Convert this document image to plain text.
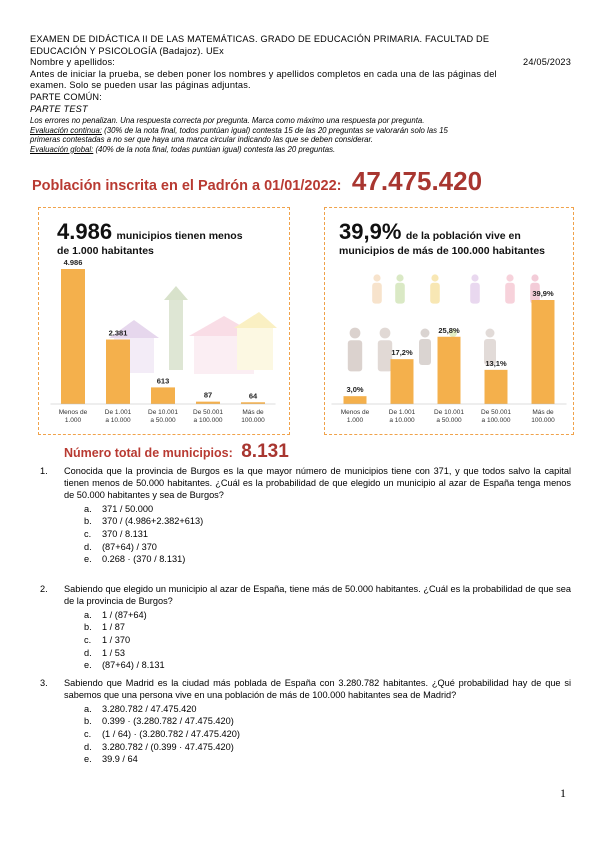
EXAMEN DE DIDÁCTICA II DE LAS MATEMÁTICAS. GRADO DE EDUCACIÓN PRIMARIA. FACULTAD DE
EDUCACIÓN Y PSICOLOGÍA (Badajoz). UEx
Nombre y apellidos:	24/05/2023
Antes de iniciar la prueba, se deben poner los nombres y apellidos completos en cada una de las páginas del
examen. Solo se pueden usar las páginas adjuntas.
PARTE COMÚN:
PARTE TEST
Los errores no penalizan. Una respuesta correcta por pregunta. Marca como máximo una respuesta por pregunta.
Evaluación continua: (30% de la nota final, todos puntúan igual) contesta 15 de las 20 preguntas se valorarán solo las 15
primeras contestadas a no ser que haya una marca circular indicando las que se deben considerar.
Evaluación global: (40% de la nota final, todas puntúan igual) contesta las 20 preguntas.
Población inscrita en el Padrón a 01/01/2022: 47.475.420
4.986
Menos de
1.000
2.381
De 1.001
a 10.000
613
De 10.001
a 50.000
87
De 50.001
a 100.000
64
Más de
100.000
4.986 municipios tienen menos
de 1.000 habitantes
3,0%
Menos de
1.000
17,2%
De 1.001
a 10.000
25,8%
De 10.001
a 50.000
13,1%
De 50.001
a 100.000
39,9%
Más de
100.000
39,9% de la población vive en
municipios de más de 100.000 habitantes
Número total de municipios: 8.131
1. Conocida que la provincia de Burgos es la que mayor número de municipios tiene con 371, y que todos salvo la capital tienen menos de 50.000 habitantes. ¿Cuál es la probabilidad de que elegido un municipio al azar de España tenga menos de 50.000 habitantes y sea de Burgos?
a. 371 / 50.000
b. 370 / (4.986+2.382+613)
c. 370 / 8.131
d. (87+64) / 370
e. 0.268 · (370 / 8.131)
2. Sabiendo que elegido un municipio al azar de España, tiene más de 50.000 habitantes. ¿Cuál es la probabilidad de que sea de la provincia de Burgos?
a. 1 / (87+64)
b. 1 / 87
c. 1 / 370
d. 1 / 53
e. (87+64) / 8.131
3. Sabiendo que Madrid es la ciudad más poblada de España con 3.280.782 habitantes. ¿Qué probabilidad hay de que si sabemos que una persona vive en una población de más de 100.000 habitantes sea de Madrid?
a. 3.280.782 / 47.475.420
b. 0.399 · (3.280.782 / 47.475.420)
c. (1 / 64) · (3.280.782 / 47.475.420)
d. 3.280.782 / (0.399 · 47.475.420)
e. 39.9 / 64
1
